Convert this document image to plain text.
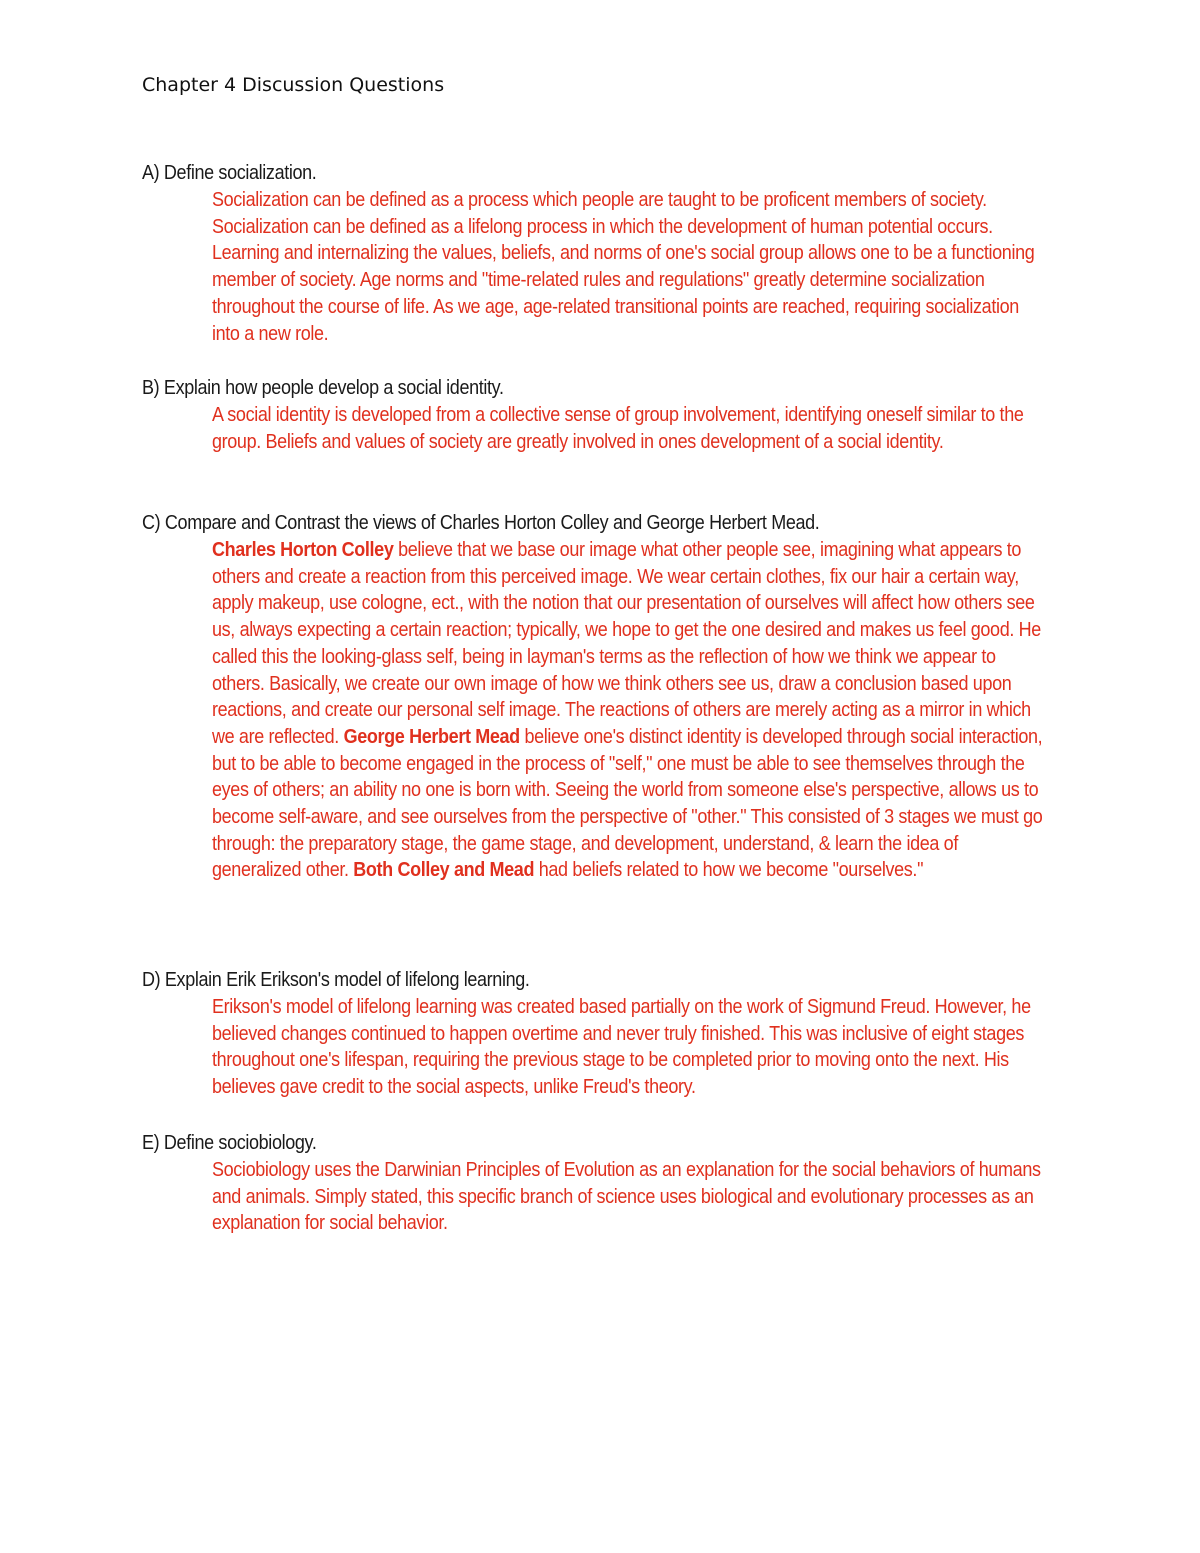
Chapter 4 Discussion Questions

A) Define socialization.

Socialization can be defined as a process which people are taught to be proficent members of society. Socialization can be defined as a lifelong process in which the development of human potential occurs. Learning and internalizing the values, beliefs, and norms of one's social group allows one to be a functioning member of society. Age norms and "time-related rules and regulations" greatly determine socialization throughout the course of life. As we age, age-related transitional points are reached, requiring socialization into a new role.

B) Explain how people develop a social identity.

A social identity is developed from a collective sense of group involvement, identifying oneself similar to the group. Beliefs and values of society are greatly involved in ones development of a social identity.

C) Compare and Contrast the views of Charles Horton Colley and George Herbert Mead.

Charles Horton Colley believe that we base our image what other people see, imagining what appears to others and create a reaction from this perceived image. We wear certain clothes, fix our hair a certain way, apply makeup, use cologne, ect., with the notion that our presentation of ourselves will affect how others see us, always expecting a certain reaction; typically, we hope to get the one desired and makes us feel good. He called this the looking-glass self, being in layman's terms as the reflection of how we think we appear to others. Basically, we create our own image of how we think others see us, draw a conclusion based upon reactions, and create our personal self image. The reactions of others are merely acting as a mirror in which we are reflected. George Herbert Mead believe one's distinct identity is developed through social interaction, but to be able to become engaged in the process of "self," one must be able to see themselves through the eyes of others; an ability no one is born with. Seeing the world from someone else's perspective, allows us to become self-aware, and see ourselves from the perspective of "other." This consisted of 3 stages we must go through: the preparatory stage, the game stage, and development, understand, & learn the idea of generalized other. Both Colley and Mead had beliefs related to how we become "ourselves."

D) Explain Erik Erikson's model of lifelong learning.

Erikson's model of lifelong learning was created based partially on the work of Sigmund Freud. However, he believed changes continued to happen overtime and never truly finished. This was inclusive of eight stages throughout one's lifespan, requiring the previous stage to be completed prior to moving onto the next. His believes gave credit to the social aspects, unlike Freud's theory.

E) Define sociobiology.

Sociobiology uses the Darwinian Principles of Evolution as an explanation for the social behaviors of humans and animals. Simply stated, this specific branch of science uses biological and evolutionary processes as an explanation for social behavior.
